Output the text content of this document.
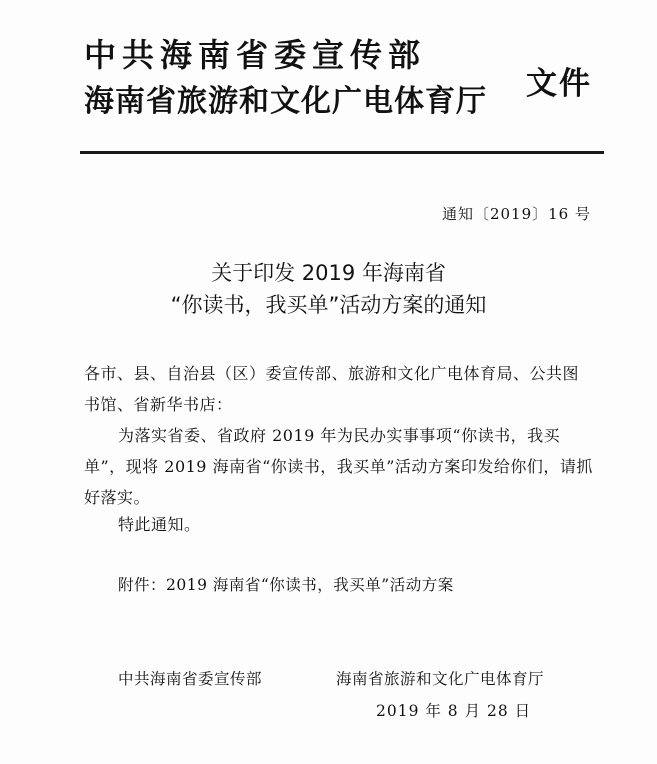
中共海南省委宣传部
海南省旅游和文化广电体育厅 文件
通知〔2019〕16 号
关于印发 2019 年海南省
“你读书，我买单”活动方案的通知
各市、县、自治县（区）委宣传部、旅游和文化广电体育局、公共图书馆、省新华书店：
为落实省委、省政府 2019 年为民办实事事项“你读书，我买单”，现将 2019 海南省“你读书，我买单”活动方案印发给你们，请抓好落实。
特此通知。
附件：2019 海南省“你读书，我买单”活动方案
中共海南省委宣传部	海南省旅游和文化广电体育厅
2019 年 8 月 28 日
